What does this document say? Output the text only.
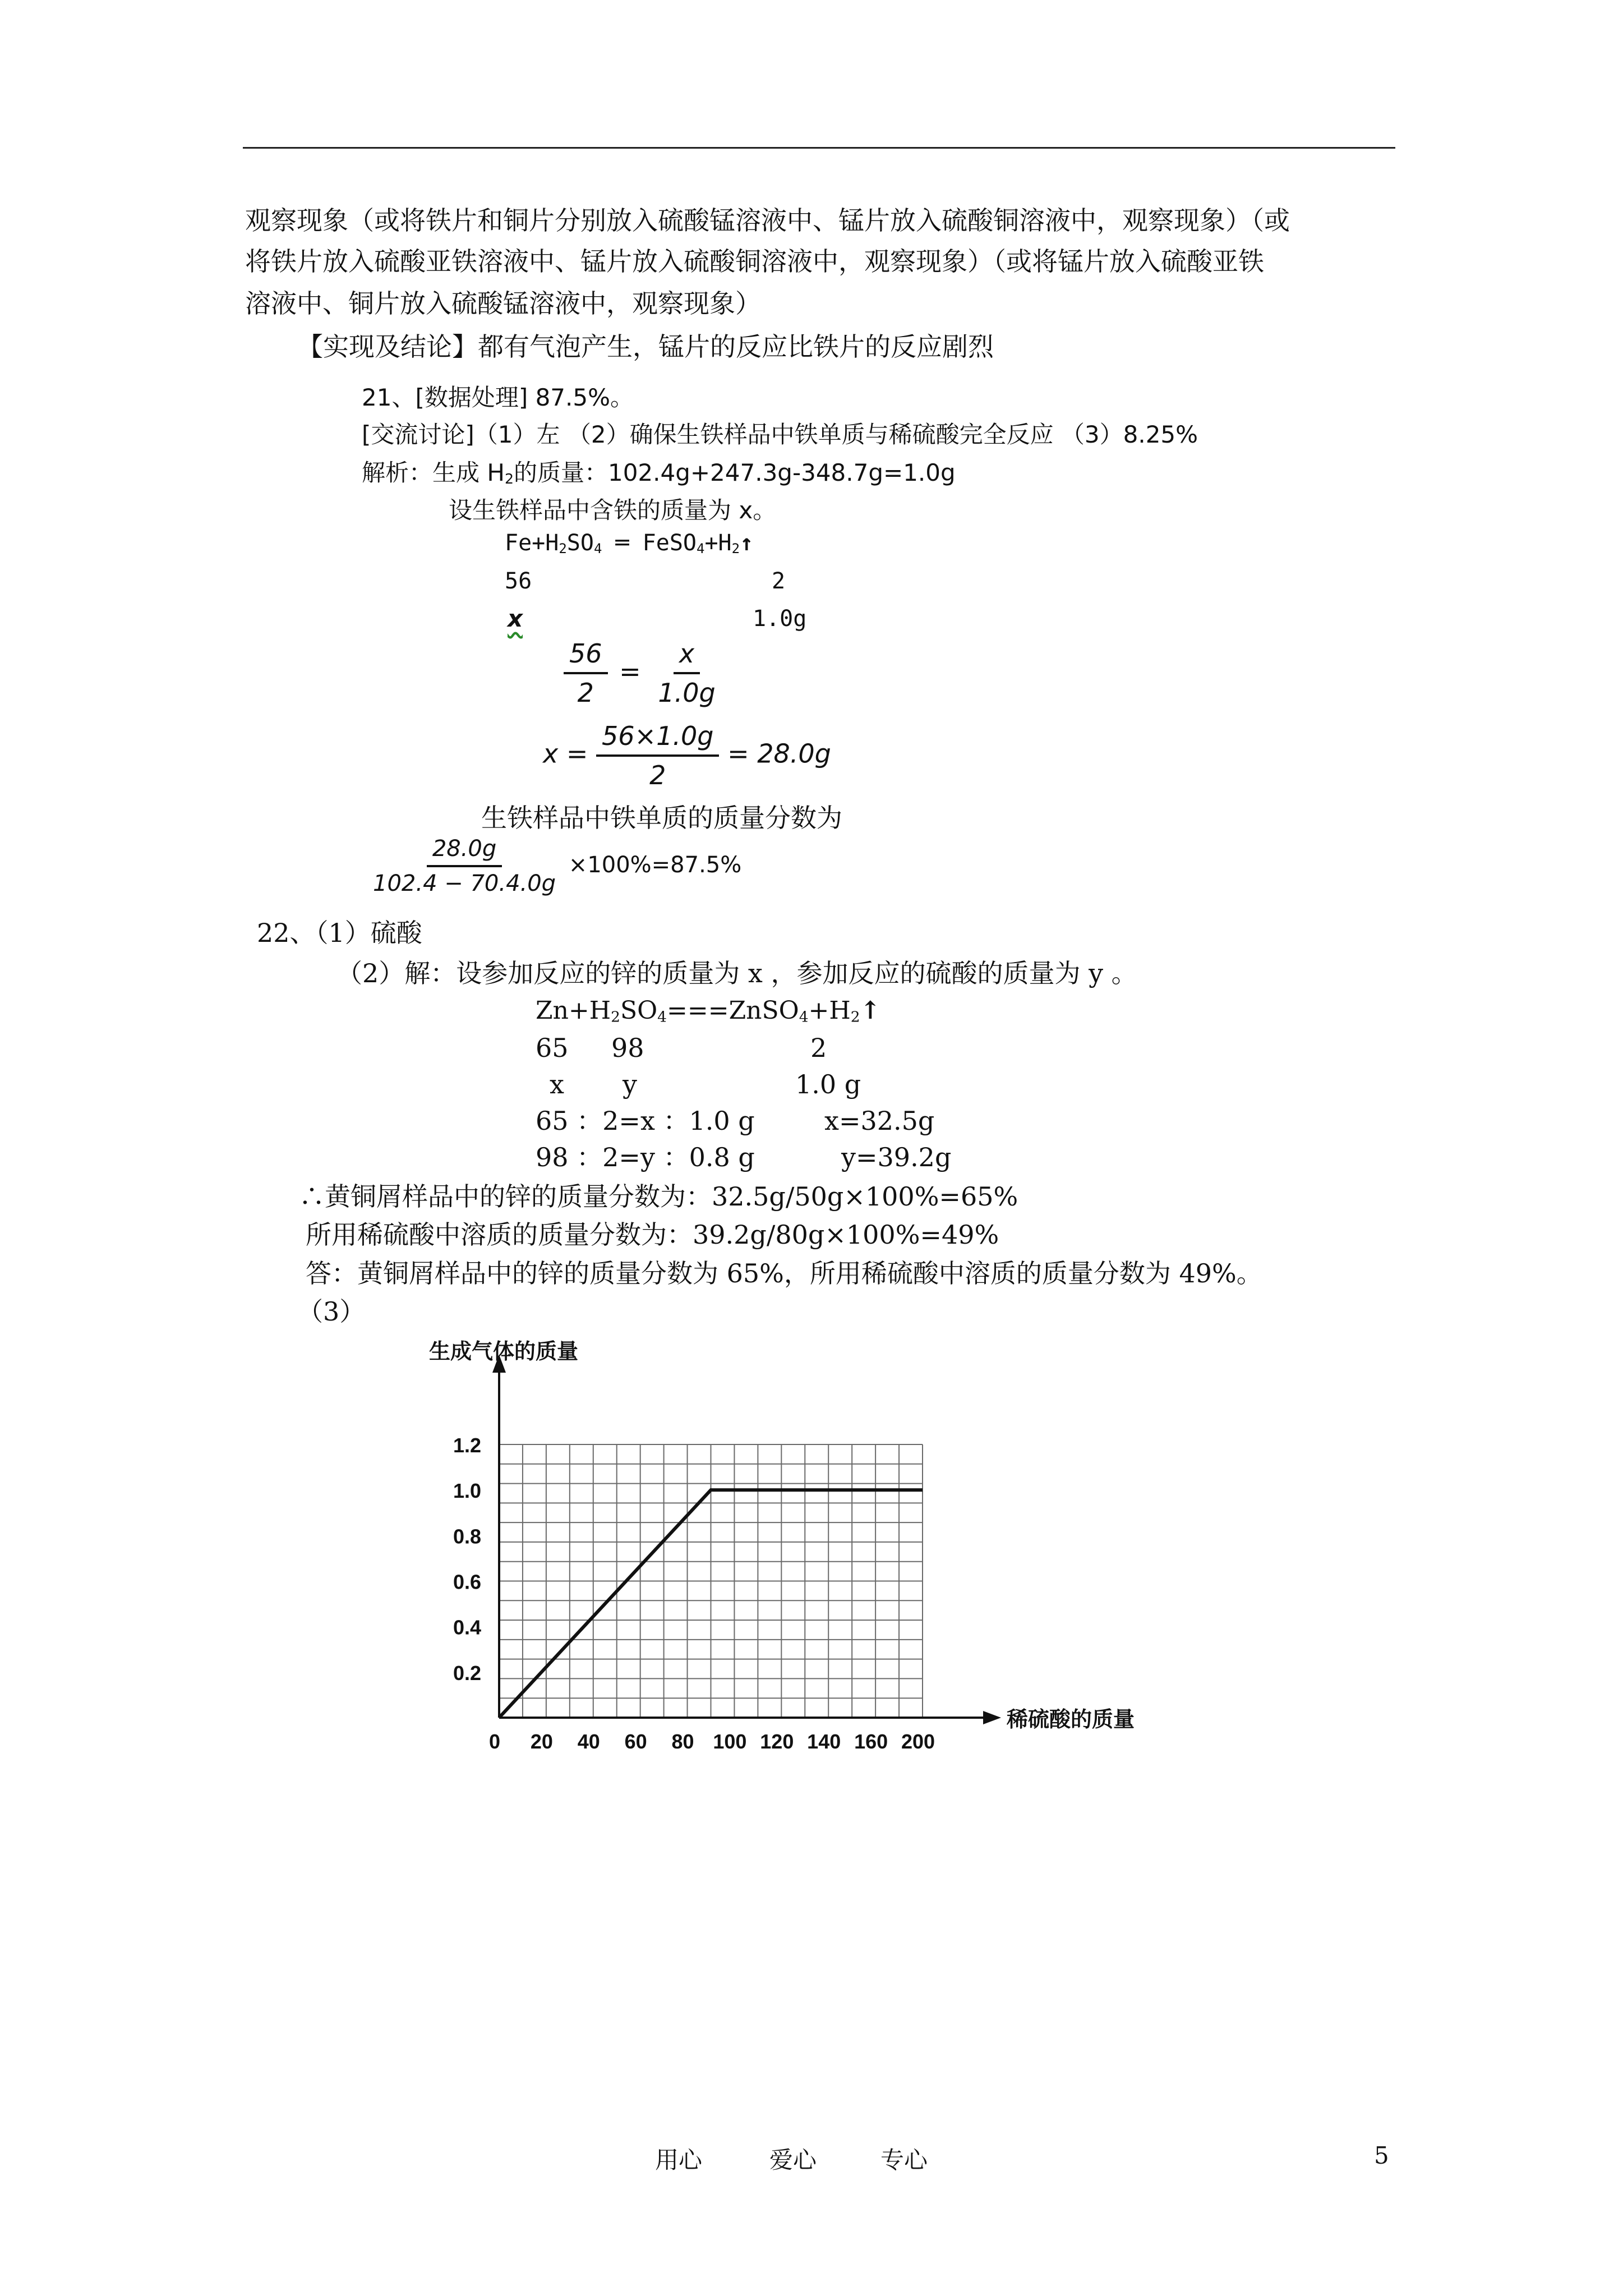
观察现象（或将铁片和铜片分别放入硫酸锰溶液中、锰片放入硫酸铜溶液中，观察现象）（或
将铁片放入硫酸亚铁溶液中、锰片放入硫酸铜溶液中，观察现象）（或将锰片放入硫酸亚铁
溶液中、铜片放入硫酸锰溶液中，观察现象）
【实现及结论】都有气泡产生，锰片的反应比铁片的反应剧烈
21、[数据处理] 87.5%。
[交流讨论]（1）左 （2）确保生铁样品中铁单质与稀硫酸完全反应 （3）8.25%
解析：生成 $H_2$的质量：102.4g+247.3g-348.7g=1.0g
设生铁样品中含铁的质量为 x。
$Fe+H_2SO_4$ ═ $FeSO_4+H_2↑$
56	2
x	1.0g
$\frac{56}{2} = \frac{x}{1.0g}$
$x = \frac{56\times 1.0g}{2} = 28.0g$
生铁样品中铁单质的质量分数为
$\frac{28.0g}{102.4 - 70.4.0g} \times 100\%=87.5\%$
22、（1）硫酸
（2）解：设参加反应的锌的质量为 x ，参加反应的硫酸的质量为 y 。
$Zn+H_2SO_4===ZnSO_4+H_2↑$
65 98	2
x y	1.0 g
65 ：2=x ：1.0 g	x=32.5g
98 ：2=y ：0.8 g	y=39.2g
∴黄铜屑样品中的锌的质量分数为：32.5g/50g×100%=65%
所用稀硫酸中溶质的质量分数为：39.2g/80g×100%=49%
答：黄铜屑样品中的锌的质量分数为 65%，所用稀硫酸中溶质的质量分数为 49%。
（3）
0.2
0.4
0.6
0.8
1.0
1.2
0 20 40 60 80 100 120 140 160 200
生成气体的质量
稀硫酸的质量
用心	爱心	专心	5
